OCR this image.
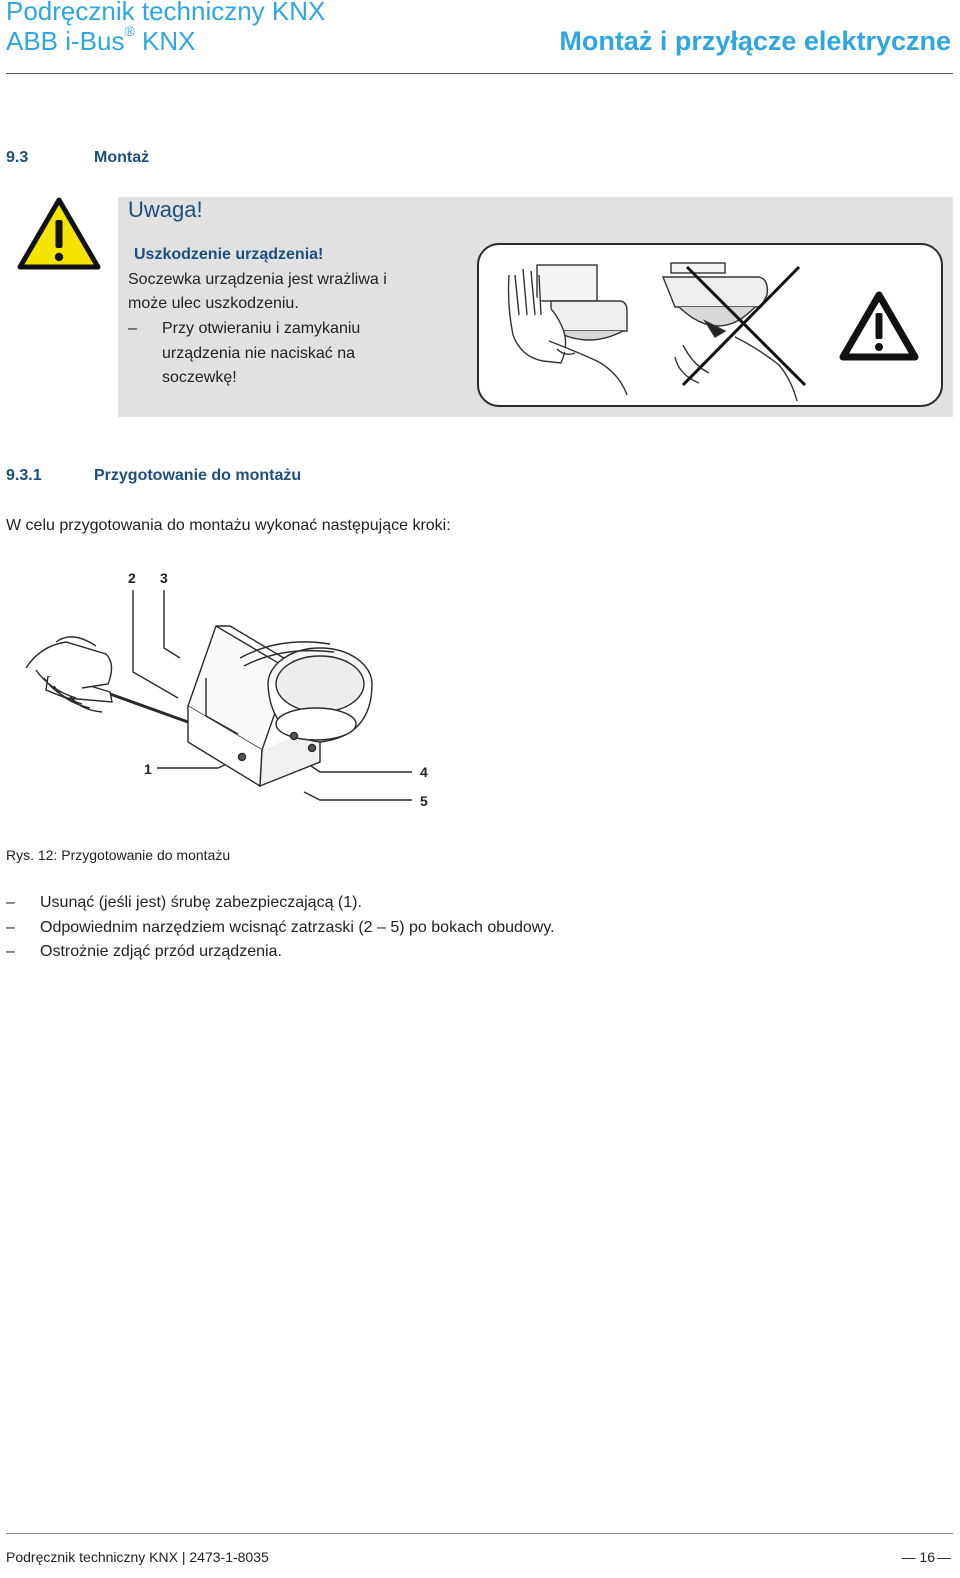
Podręcznik techniczny KNX
ABB i-Bus® KNX	Montaż i przyłącze elektryczne
9.3	Montaż
Uwaga!
Uszkodzenie urządzenia!
Soczewka urządzenia jest wrażliwa i
może ulec uszkodzeniu.
– Przy otwieraniu i zamykaniu
urządzenia nie naciskać na
soczewkę!
9.3.1	Przygotowanie do montażu
W celu przygotowania do montażu wykonać następujące kroki:
2 3
1	4
5
Rys. 12: Przygotowanie do montażu
– Usunąć (jeśli jest) śrubę zabezpieczającą (1).
– Odpowiednim narzędziem wcisnąć zatrzaski (2 – 5) po bokach obudowy.
– Ostrożnie zdjąć przód urządzenia.
Podręcznik techniczny KNX | 2473-1-8035	— 16 —
